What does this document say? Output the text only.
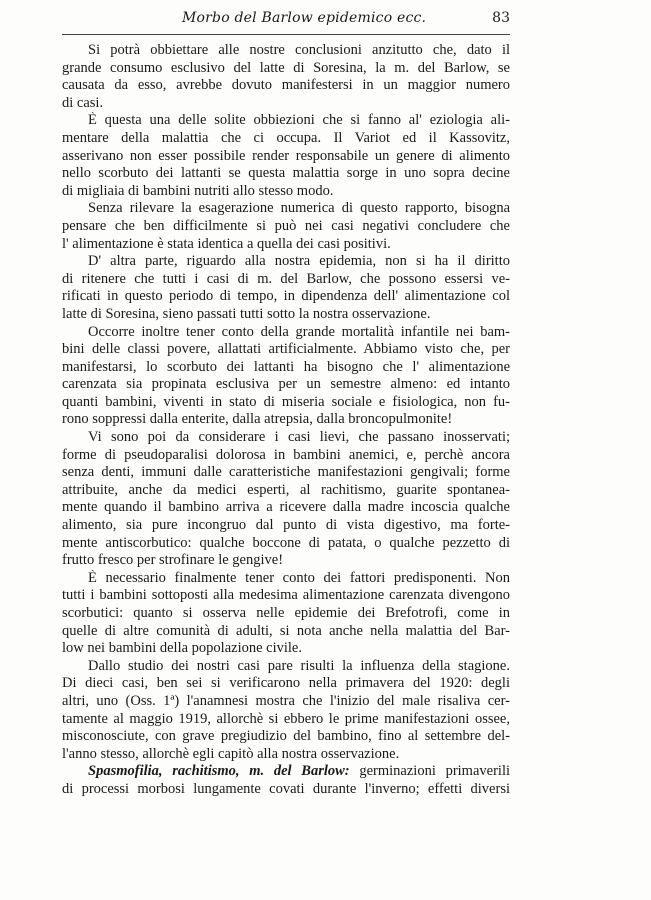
Morbo del Barlow epidemico ecc.	83
Si potrà obbiettare alle nostre conclusioni anzitutto che, dato il
grande consumo esclusivo del latte di Soresina, la m. del Barlow, se
causata da esso, avrebbe dovuto manifestersi in un maggior numero
di casi.
È questa una delle solite obbiezioni che si fanno al' eziologia ali-
mentare della malattia che ci occupa. Il Variot ed il Kassovitz,
asserivano non esser possibile render responsabile un genere di alimento
nello scorbuto dei lattanti se questa malattia sorge in uno sopra decine
di migliaia di bambini nutriti allo stesso modo.
Senza rilevare la esagerazione numerica di questo rapporto, bisogna
pensare che ben difficilmente si può nei casi negativi concludere che
l' alimentazione è stata identica a quella dei casi positivi.
D' altra parte, riguardo alla nostra epidemia, non si ha il diritto
di ritenere che tutti i casi di m. del Barlow, che possono essersi ve-
rificati in questo periodo di tempo, in dipendenza dell' alimentazione col
latte di Soresina, sieno passati tutti sotto la nostra osservazione.
Occorre inoltre tener conto della grande mortalità infantile nei bam-
bini delle classi povere, allattati artificialmente. Abbiamo visto che, per
manifestarsi, lo scorbuto dei lattanti ha bisogno che l' alimentazione
carenzata sia propinata esclusiva per un semestre almeno: ed intanto
quanti bambini, viventi in stato di miseria sociale e fisiologica, non fu-
rono soppressi dalla enterite, dalla atrepsia, dalla broncopulmonite!
Vi sono poi da considerare i casi lievi, che passano inosservati;
forme di pseudoparalisi dolorosa in bambini anemici, e, perchè ancora
senza denti, immuni dalle caratteristiche manifestazioni gengivali; forme
attribuite, anche da medici esperti, al rachitismo, guarite spontanea-
mente quando il bambino arriva a ricevere dalla madre incoscia qualche
alimento, sia pure incongruo dal punto di vista digestivo, ma forte-
mente antiscorbutico: qualche boccone di patata, o qualche pezzetto di
frutto fresco per strofinare le gengive!
È necessario finalmente tener conto dei fattori predisponenti. Non
tutti i bambini sottoposti alla medesima alimentazione carenzata divengono
scorbutici: quanto si osserva nelle epidemie dei Brefotrofi, come in
quelle di altre comunità di adulti, si nota anche nella malattia del Bar-
low nei bambini della popolazione civile.
Dallo studio dei nostri casi pare risulti la influenza della stagione.
Di dieci casi, ben sei si verificarono nella primavera del 1920: degli
altri, uno (Oss. 1ª) l'anamnesi mostra che l'inizio del male risaliva cer-
tamente al maggio 1919, allorchè si ebbero le prime manifestazioni ossee,
misconosciute, con grave pregiudizio del bambino, fino al settembre del-
l'anno stesso, allorchè egli capitò alla nostra osservazione.
Spasmofilia, rachitismo, m. del Barlow: germinazioni primaverili
di processi morbosi lungamente covati durante l'inverno; effetti diversi
